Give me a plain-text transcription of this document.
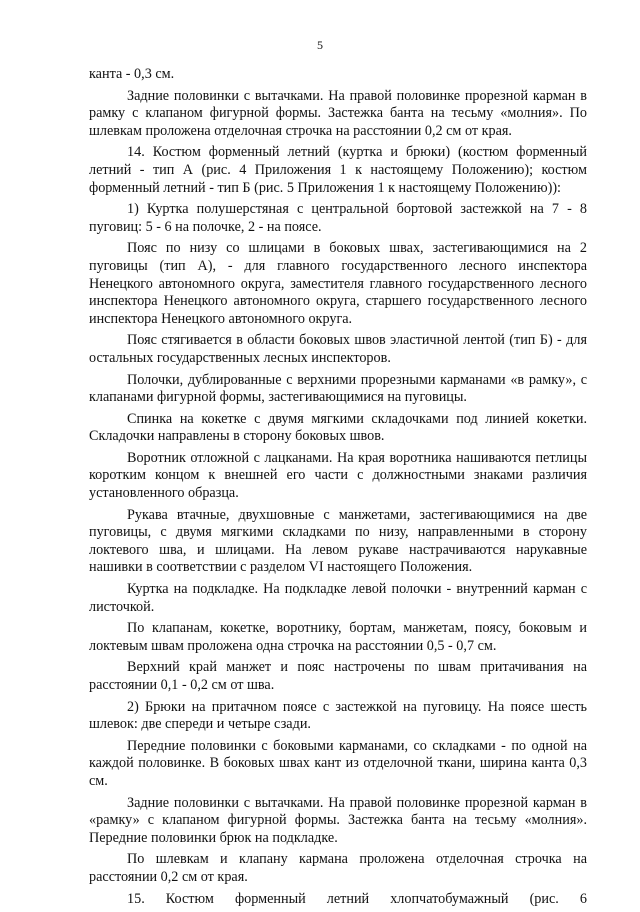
5

канта - 0,3 см.

Задние половинки с вытачками. На правой половинке прорезной карман в рамку с клапаном фигурной формы. Застежка банта на тесьму «молния». По шлевкам проложена отделочная строчка на расстоянии 0,2 см от края.

14. Костюм форменный летний (куртка и брюки) (костюм форменный летний - тип А (рис. 4 Приложения 1 к настоящему Положению); костюм форменный летний - тип Б (рис. 5 Приложения 1 к настоящему Положению)):

1) Куртка полушерстяная с центральной бортовой застежкой на 7 - 8 пуговиц: 5 - 6 на полочке, 2 - на поясе.

Пояс по низу со шлицами в боковых швах, застегивающимися на 2 пуговицы (тип А), - для главного государственного лесного инспектора Ненецкого автономного округа, заместителя главного государственного лесного инспектора Ненецкого автономного округа, старшего государственного лесного инспектора Ненецкого автономного округа.

Пояс стягивается в области боковых швов эластичной лентой (тип Б) - для остальных государственных лесных инспекторов.

Полочки, дублированные с верхними прорезными карманами «в рамку», с клапанами фигурной формы, застегивающимися на пуговицы.

Спинка на кокетке с двумя мягкими складочками под линией кокетки. Складочки направлены в сторону боковых швов.

Воротник отложной с лацканами. На края воротника нашиваются петлицы коротким концом к внешней его части с должностными знаками различия установленного образца.

Рукава втачные, двухшовные с манжетами, застегивающимися на две пуговицы, с двумя мягкими складками по низу, направленными в сторону локтевого шва, и шлицами. На левом рукаве настрачиваются нарукавные нашивки в соответствии с разделом VI настоящего Положения.

Куртка на подкладке. На подкладке левой полочки - внутренний карман с листочкой.

По клапанам, кокетке, воротнику, бортам, манжетам, поясу, боковым и локтевым швам проложена одна строчка на расстоянии 0,5 - 0,7 см.

Верхний край манжет и пояс настрочены по швам притачивания на расстоянии 0,1 - 0,2 см от шва.

2) Брюки на притачном поясе с застежкой на пуговицу. На поясе шесть шлевок: две спереди и четыре сзади.

Передние половинки с боковыми карманами, со складками - по одной на каждой половинке. В боковых швах кант из отделочной ткани, ширина канта 0,3 см.

Задние половинки с вытачками. На правой половинке прорезной карман в «рамку» с клапаном фигурной формы. Застежка банта на тесьму «молния». Передние половинки брюк на подкладке.

По шлевкам и клапану кармана проложена отделочная строчка на расстоянии 0,2 см от края.

15. Костюм форменный летний хлопчатобумажный (рис. 6
